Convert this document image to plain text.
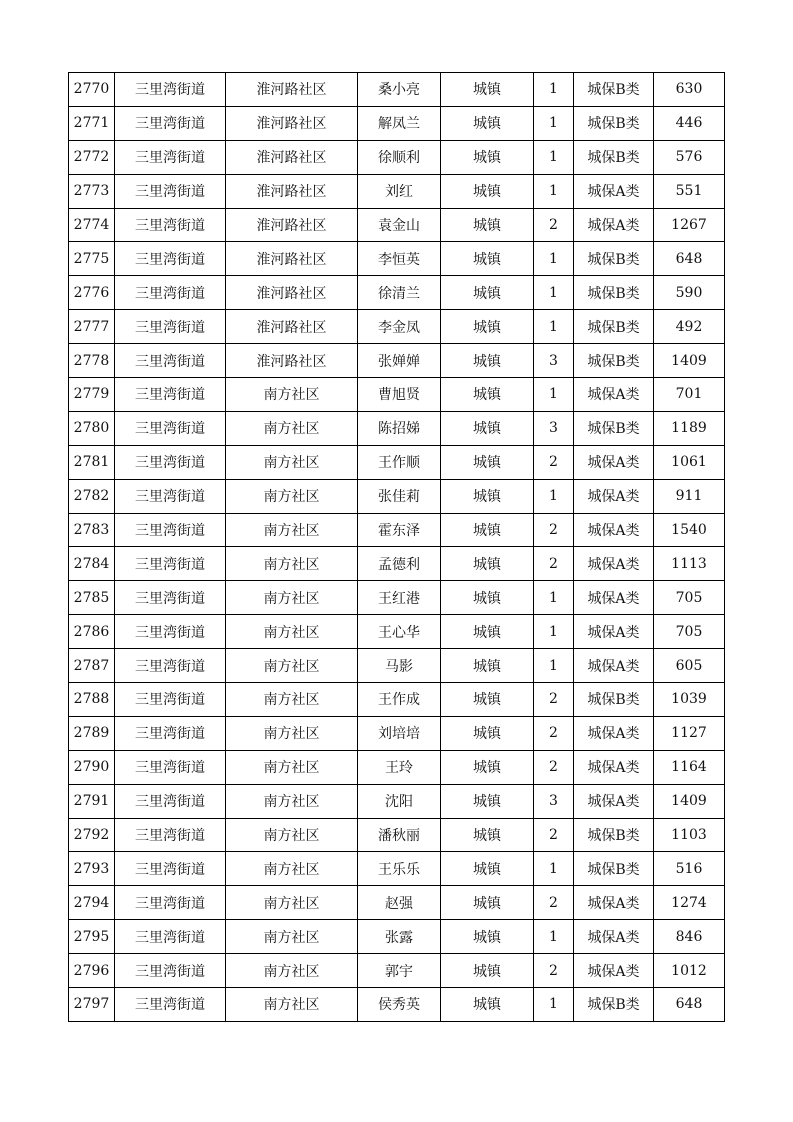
2770	三里湾街道	淮河路社区	桑小亮	城镇	1	城保B类	630
2771	三里湾街道	淮河路社区	解凤兰	城镇	1	城保B类	446
2772	三里湾街道	淮河路社区	徐顺利	城镇	1	城保B类	576
2773	三里湾街道	淮河路社区	刘红	城镇	1	城保A类	551
2774	三里湾街道	淮河路社区	袁金山	城镇	2	城保A类	1267
2775	三里湾街道	淮河路社区	李恒英	城镇	1	城保B类	648
2776	三里湾街道	淮河路社区	徐清兰	城镇	1	城保B类	590
2777	三里湾街道	淮河路社区	李金凤	城镇	1	城保B类	492
2778	三里湾街道	淮河路社区	张婵婵	城镇	3	城保B类	1409
2779	三里湾街道	南方社区	曹旭贤	城镇	1	城保A类	701
2780	三里湾街道	南方社区	陈招娣	城镇	3	城保B类	1189
2781	三里湾街道	南方社区	王作顺	城镇	2	城保A类	1061
2782	三里湾街道	南方社区	张佳莉	城镇	1	城保A类	911
2783	三里湾街道	南方社区	霍东泽	城镇	2	城保A类	1540
2784	三里湾街道	南方社区	孟德利	城镇	2	城保A类	1113
2785	三里湾街道	南方社区	王红港	城镇	1	城保A类	705
2786	三里湾街道	南方社区	王心华	城镇	1	城保A类	705
2787	三里湾街道	南方社区	马影	城镇	1	城保A类	605
2788	三里湾街道	南方社区	王作成	城镇	2	城保B类	1039
2789	三里湾街道	南方社区	刘培培	城镇	2	城保A类	1127
2790	三里湾街道	南方社区	王玲	城镇	2	城保A类	1164
2791	三里湾街道	南方社区	沈阳	城镇	3	城保A类	1409
2792	三里湾街道	南方社区	潘秋丽	城镇	2	城保B类	1103
2793	三里湾街道	南方社区	王乐乐	城镇	1	城保B类	516
2794	三里湾街道	南方社区	赵强	城镇	2	城保A类	1274
2795	三里湾街道	南方社区	张露	城镇	1	城保A类	846
2796	三里湾街道	南方社区	郭宇	城镇	2	城保A类	1012
2797	三里湾街道	南方社区	侯秀英	城镇	1	城保B类	648
